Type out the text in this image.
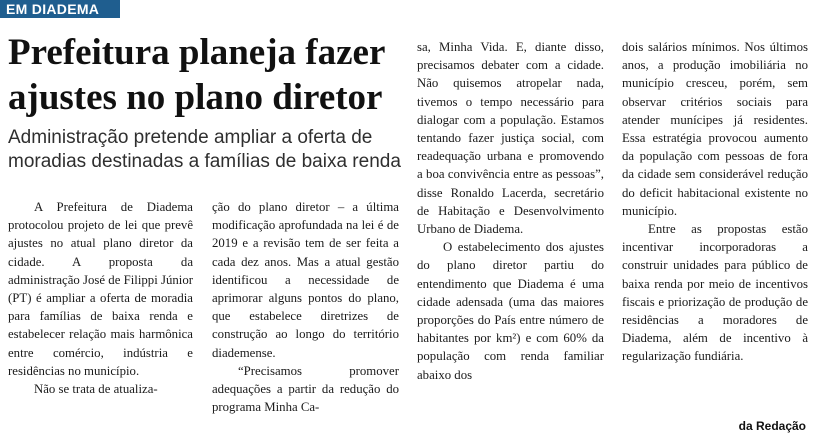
EM DIADEMA
Prefeitura planeja fazer ajustes no plano diretor

Administração pretende ampliar a oferta de moradias destinadas a famílias de baixa renda

A Prefeitura de Diadema protocolou projeto de lei que prevê ajustes no atual plano diretor da cidade. A proposta da administração José de Filippi Júnior (PT) é ampliar a oferta de moradia para famílias de baixa renda e estabelecer relação mais harmônica entre comércio, indústria e residências no município.

Não se trata de atualiza-

ção do plano diretor – a última modificação aprofundada na lei é de 2019 e a revisão tem de ser feita a cada dez anos. Mas a atual gestão identificou a necessidade de aprimorar alguns pontos do plano, que estabelece diretrizes de construção ao longo do território diademense.

“Precisamos promover adequações a partir da redução do programa Minha Ca-

sa, Minha Vida. E, diante disso, precisamos debater com a cidade. Não quisemos atropelar nada, tivemos o tempo necessário para dialogar com a população. Estamos tentando fazer justiça social, com readequação urbana e promovendo a boa convivência entre as pessoas”, disse Ronaldo Lacerda, secretário de Habitação e Desenvolvimento Urbano de Diadema.

O estabelecimento dos ajustes do plano diretor partiu do entendimento que Diadema é uma cidade adensada (uma das maiores proporções do País entre número de habitantes por km²) e com 60% da população com renda familiar abaixo dos

dois salários mínimos. Nos últimos anos, a produção imobiliária no município cresceu, porém, sem observar critérios sociais para atender munícipes já residentes. Essa estratégia provocou aumento da população com pessoas de fora da cidade sem considerável redução do deficit habitacional existente no município.

Entre as propostas estão incentivar incorporadoras a construir unidades para público de baixa renda por meio de incentivos fiscais e priorização de produção de residências a moradores de Diadema, além de incentivo à regularização fundiária.

da Redação
